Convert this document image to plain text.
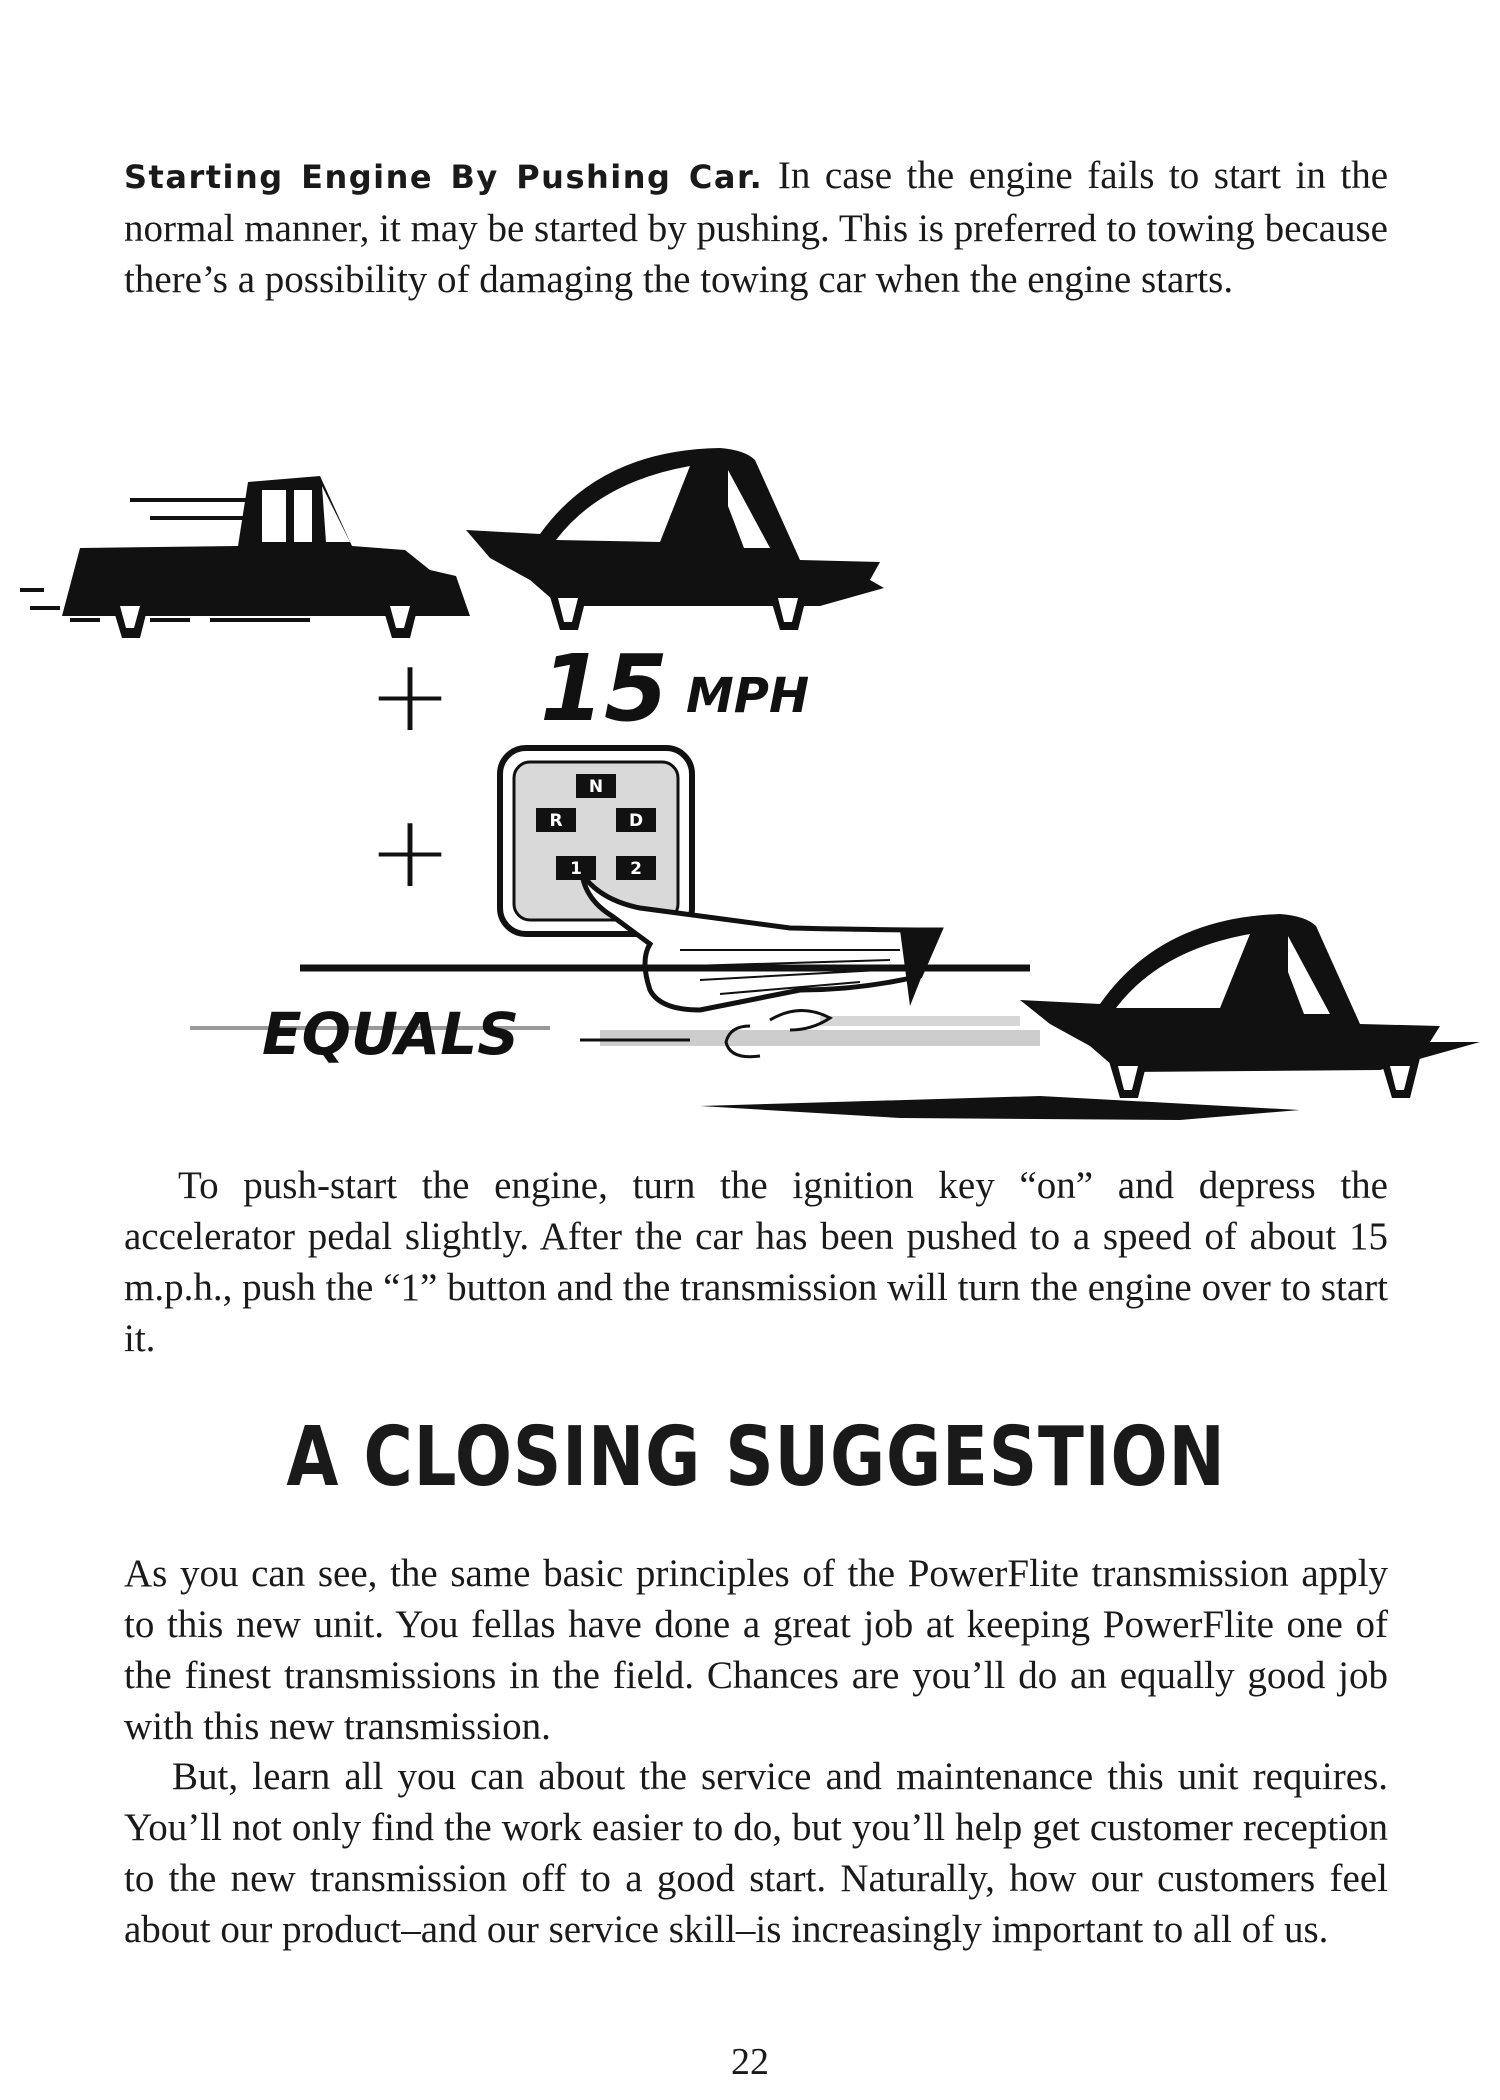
Starting Engine By Pushing Car. In case the engine fails to start in the normal manner, it may be started by pushing. This is preferred to towing because there’s a possibility of damaging the towing car when the engine starts.

+ 15 MPH
+
N
R	D
1	2
EQUALS

To push-start the engine, turn the ignition key “on” and depress the accelerator pedal slightly. After the car has been pushed to a speed of about 15 m.p.h., push the “1” button and the transmission will turn the engine over to start it.

A CLOSING SUGGESTION

As you can see, the same basic principles of the PowerFlite transmission apply to this new unit. You fellas have done a great job at keeping PowerFlite one of the finest transmissions in the field. Chances are you’ll do an equally good job with this new transmission.

But, learn all you can about the service and maintenance this unit requires. You’ll not only find the work easier to do, but you’ll help get customer reception to the new transmission off to a good start. Naturally, how our customers feel about our product–and our service skill–is increasingly important to all of us.

22
